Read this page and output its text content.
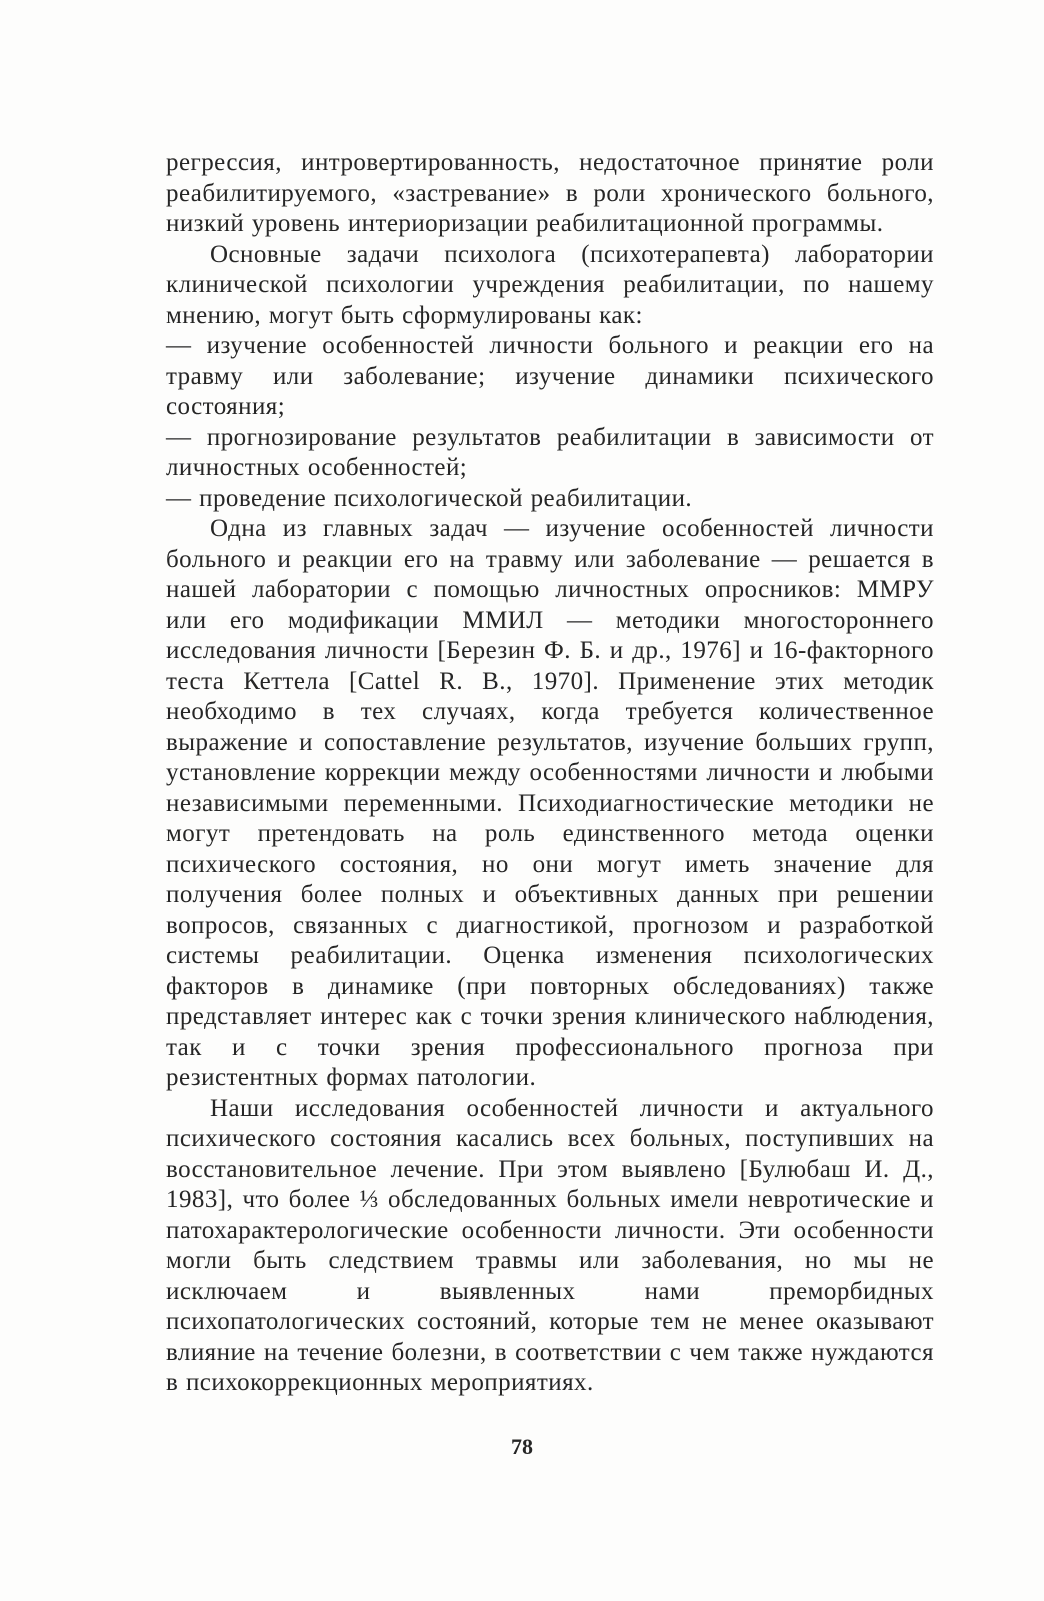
регрессия, интровертированность, недостаточное принятие роли реабилитируемого, «застревание» в роли хронического больного, низкий уровень интериоризации реабилитационной программы.

Основные задачи психолога (психотерапевта) лаборатории клинической психологии учреждения реабилитации, по нашему мнению, могут быть сформулированы как:

— изучение особенностей личности больного и реакции его на травму или заболевание; изучение динамики психического состояния;

— прогнозирование результатов реабилитации в зависимости от личностных особенностей;

— проведение психологической реабилитации.

Одна из главных задач — изучение особенностей личности больного и реакции его на травму или заболевание — решается в нашей лаборатории с помощью личностных опросников: ММРУ или его модификации ММИЛ — методики многостороннего исследования личности [Березин Ф. Б. и др., 1976] и 16-факторного теста Кеттела [Cattel R. В., 1970]. Применение этих методик необходимо в тех случаях, когда требуется количественное выражение и сопоставление результатов, изучение больших групп, установление коррекции между особенностями личности и любыми независимыми переменными. Психодиагностические методики не могут претендовать на роль единственного метода оценки психического состояния, но они могут иметь значение для получения более полных и объективных данных при решении вопросов, связанных с диагностикой, прогнозом и разработкой системы реабилитации. Оценка изменения психологических факторов в динамике (при повторных обследованиях) также представляет интерес как с точки зрения клинического наблюдения, так и с точки зрения профессионального прогноза при резистентных формах патологии.

Наши исследования особенностей личности и актуального психического состояния касались всех больных, поступивших на восстановительное лечение. При этом выявлено [Булюбаш И. Д., 1983], что более ⅓ обследованных больных имели невротические и патохарактерологические особенности личности. Эти особенности могли быть следствием травмы или заболевания, но мы не исключаем и выявленных нами преморбидных психопатологических состояний, которые тем не менее оказывают влияние на течение болезни, в соответствии с чем также нуждаются в психокоррекционных мероприятиях.

78
